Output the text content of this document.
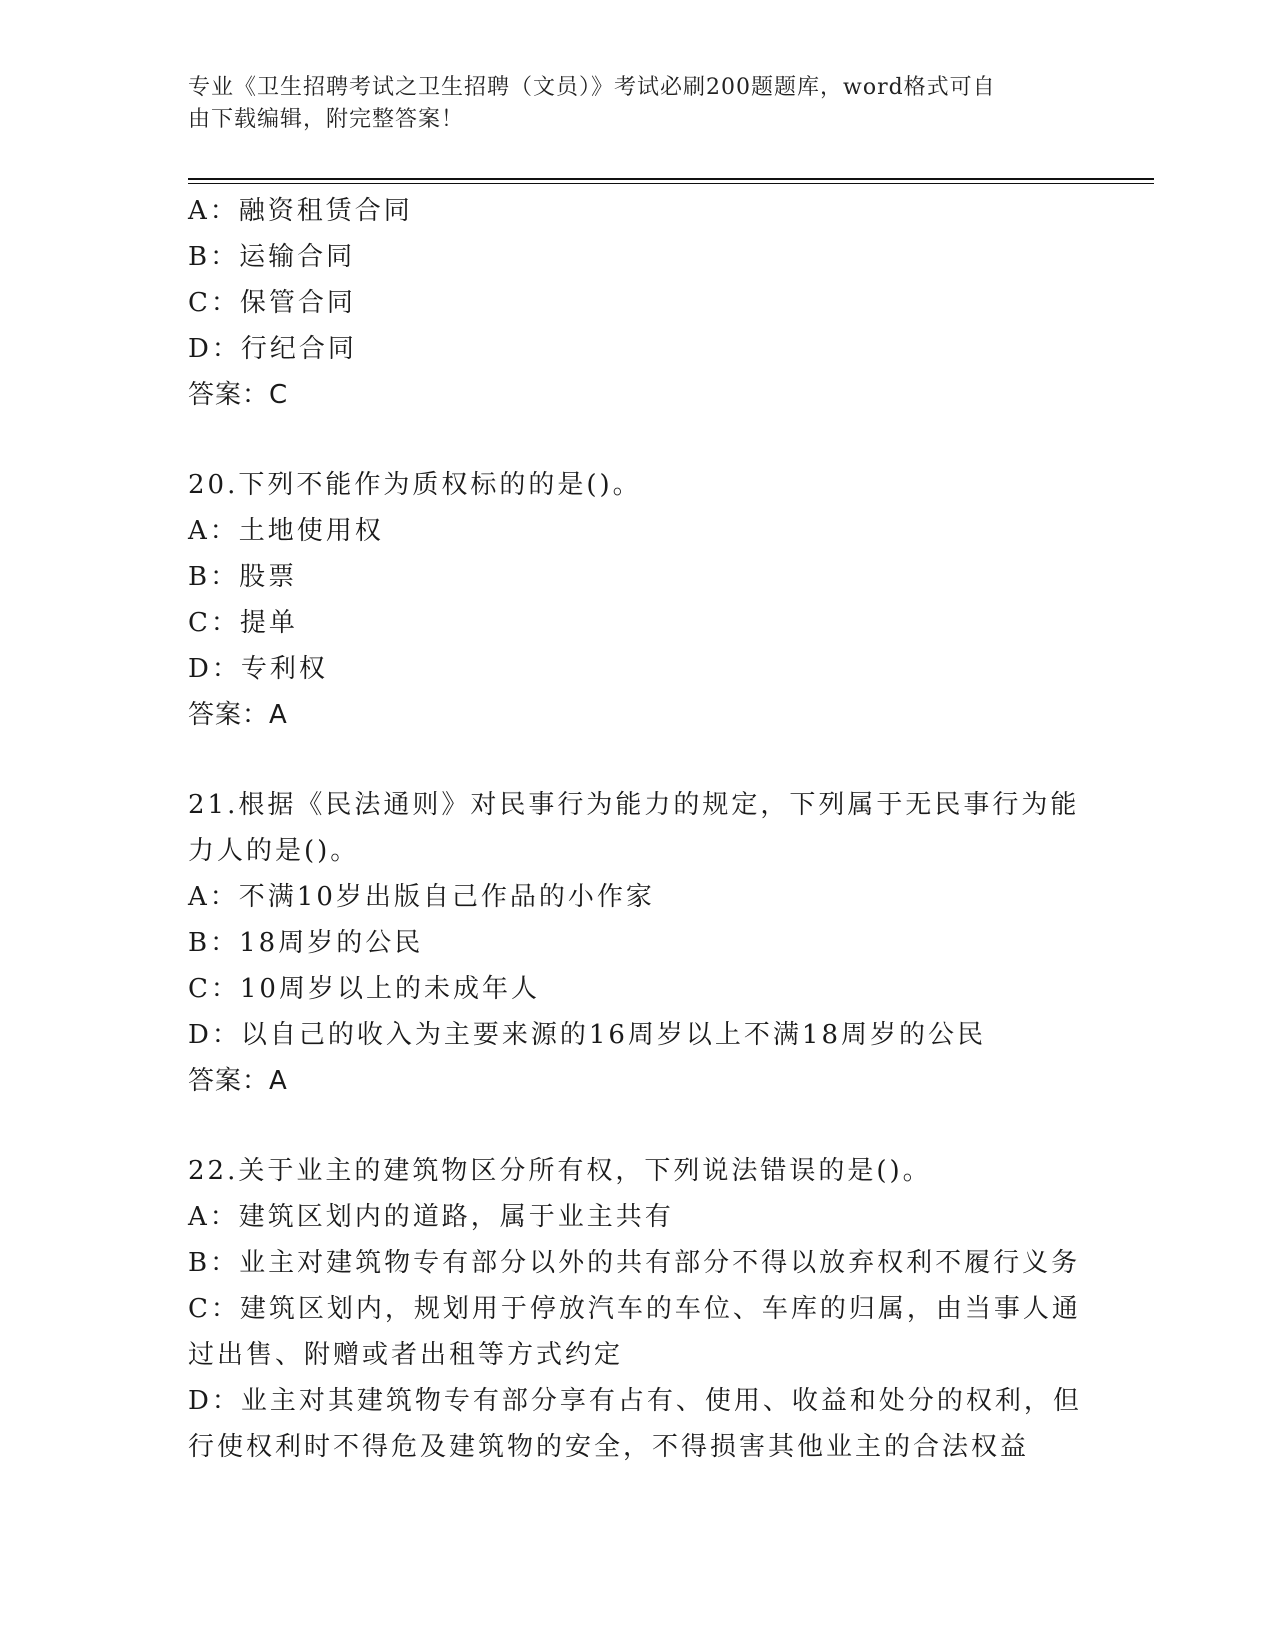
专业《卫生招聘考试之卫生招聘（文员）》考试必刷200题题库，word格式可自
由下载编辑，附完整答案！
A：融资租赁合同
B：运输合同
C：保管合同
D：行纪合同
答案：C
20.下列不能作为质权标的的是()。
A：土地使用权
B：股票
C：提单
D：专利权
答案：A
21.根据《民法通则》对民事行为能力的规定，下列属于无民事行为能
力人的是()。
A：不满10岁出版自己作品的小作家
B：18周岁的公民
C：10周岁以上的未成年人
D：以自己的收入为主要来源的16周岁以上不满18周岁的公民
答案：A
22.关于业主的建筑物区分所有权，下列说法错误的是()。
A：建筑区划内的道路，属于业主共有
B：业主对建筑物专有部分以外的共有部分不得以放弃权利不履行义务
C：建筑区划内，规划用于停放汽车的车位、车库的归属，由当事人通
过出售、附赠或者出租等方式约定
D：业主对其建筑物专有部分享有占有、使用、收益和处分的权利，但
行使权利时不得危及建筑物的安全，不得损害其他业主的合法权益
